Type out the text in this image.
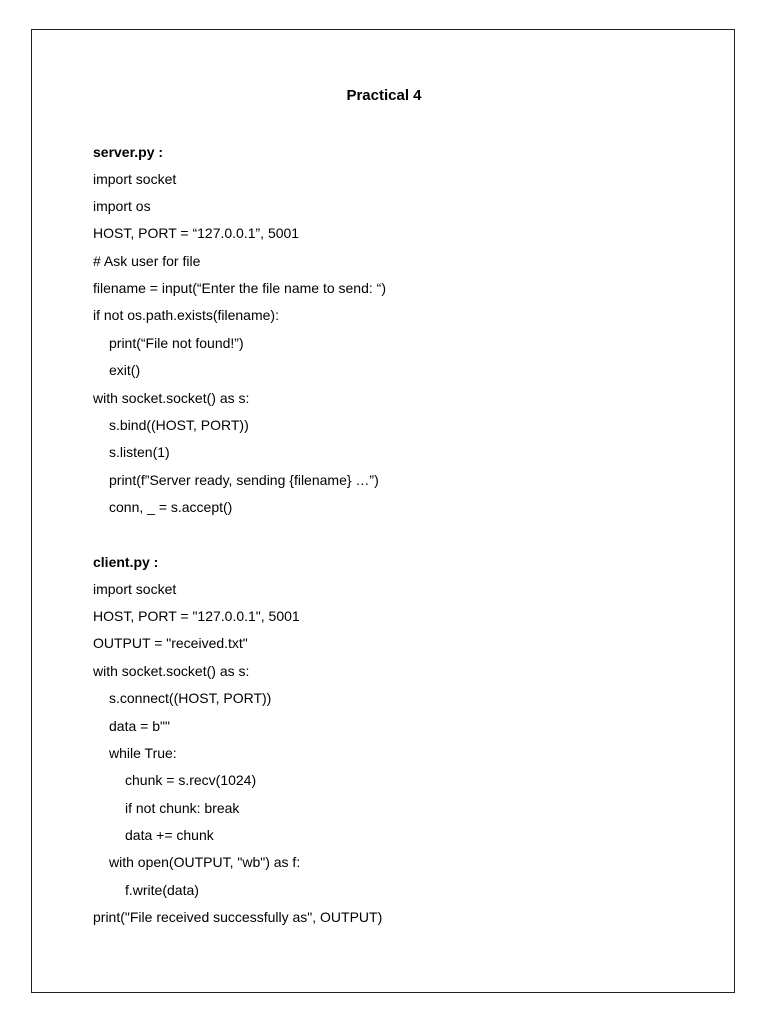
Practical 4
server.py :
import socket
import os
HOST, PORT = “127.0.0.1”, 5001
# Ask user for file
filename = input(“Enter the file name to send: “)
if not os.path.exists(filename):
print(“File not found!”)
exit()
with socket.socket() as s:
s.bind((HOST, PORT))
s.listen(1)
print(f”Server ready, sending {filename} …”)
conn, _ = s.accept()
client.py :
import socket
HOST, PORT = "127.0.0.1", 5001
OUTPUT = "received.txt"
with socket.socket() as s:
s.connect((HOST, PORT))
data = b""
while True:
chunk = s.recv(1024)
if not chunk: break
data += chunk
with open(OUTPUT, "wb") as f:
f.write(data)
print("File received successfully as", OUTPUT)
